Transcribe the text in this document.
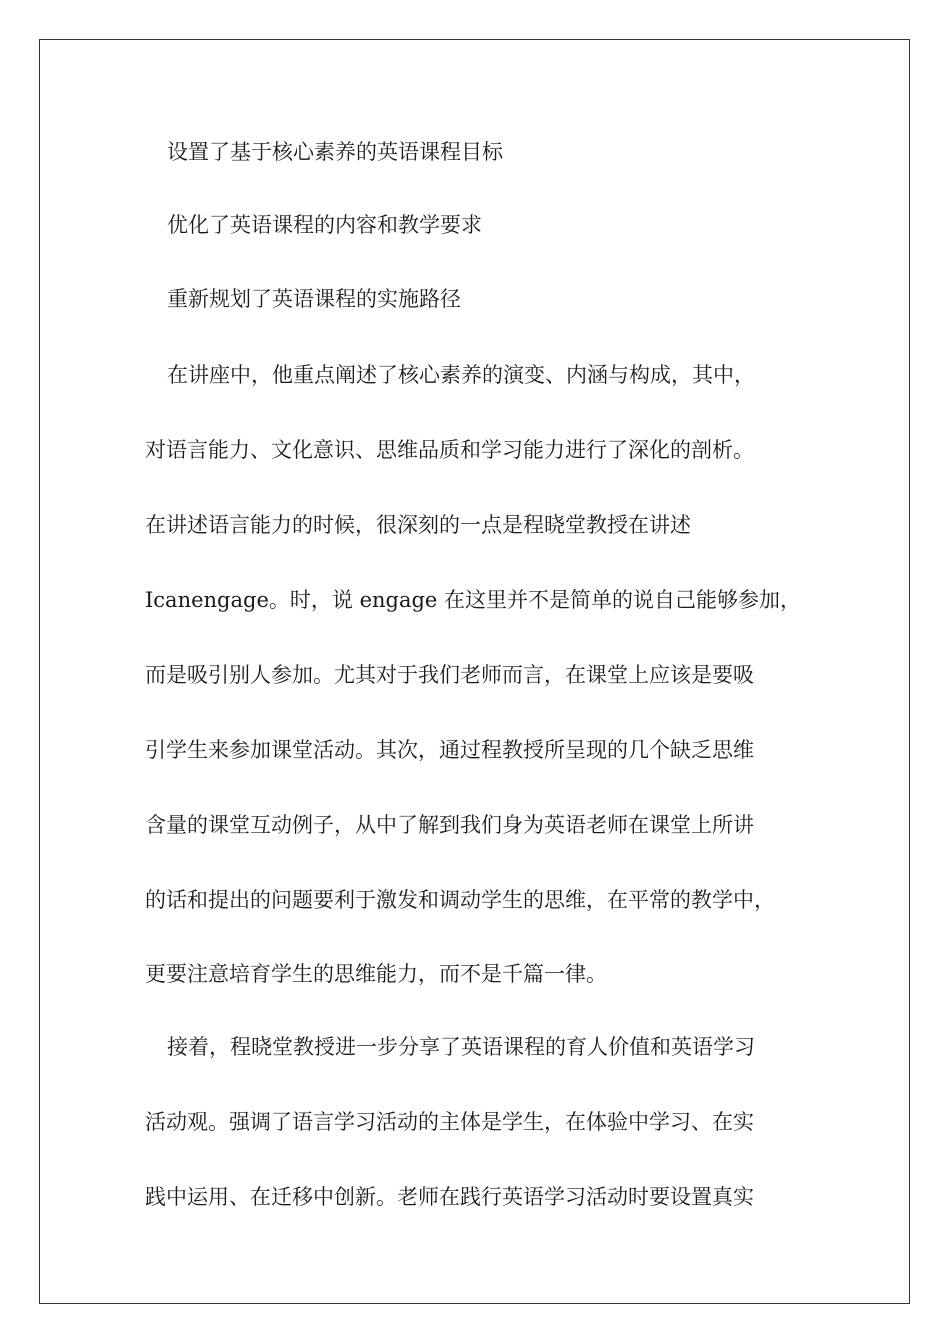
设置了基于核心素养的英语课程目标
优化了英语课程的内容和教学要求
重新规划了英语课程的实施路径
在讲座中，他重点阐述了核心素养的演变、内涵与构成，其中，
对语言能力、文化意识、思维品质和学习能力进行了深化的剖析。
在讲述语言能力的时候，很深刻的一点是程晓堂教授在讲述
Icanengage。时，说 engage 在这里并不是简单的说自己能够参加，
而是吸引别人参加。尤其对于我们老师而言，在课堂上应该是要吸
引学生来参加课堂活动。其次，通过程教授所呈现的几个缺乏思维
含量的课堂互动例子，从中了解到我们身为英语老师在课堂上所讲
的话和提出的问题要利于激发和调动学生的思维，在平常的教学中，
更要注意培育学生的思维能力，而不是千篇一律。
接着，程晓堂教授进一步分享了英语课程的育人价值和英语学习
活动观。强调了语言学习活动的主体是学生，在体验中学习、在实
践中运用、在迁移中创新。老师在践行英语学习活动时要设置真实
